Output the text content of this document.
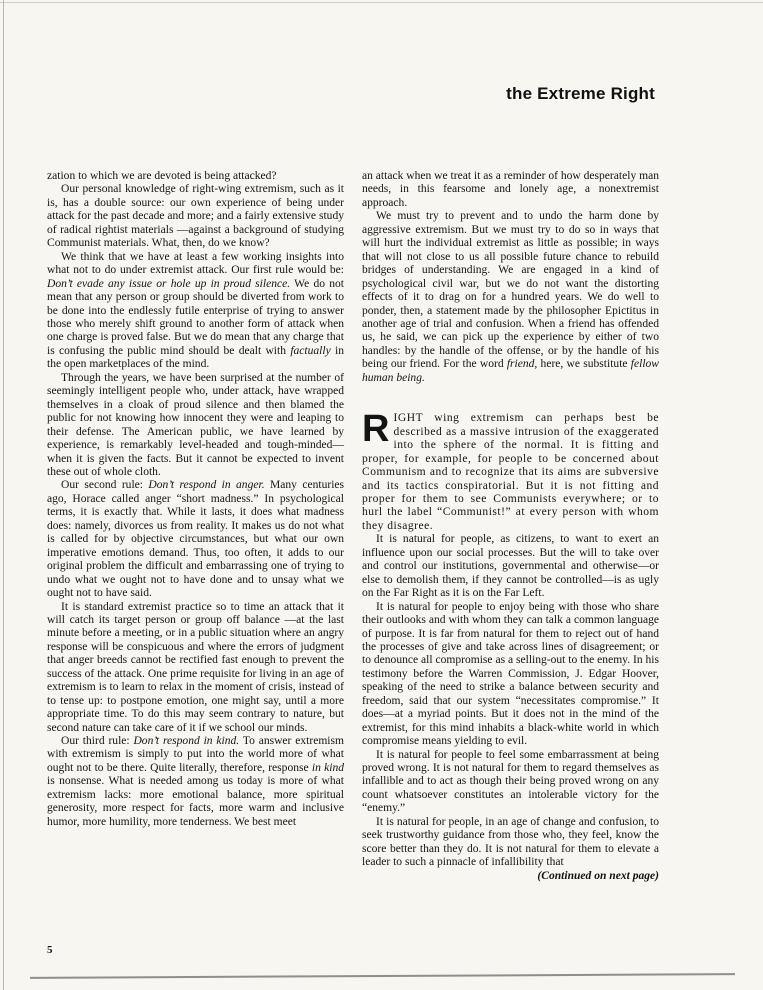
the Extreme Right

zation to which we are devoted is being attacked?

Our personal knowledge of right-wing extremism, such as it is, has a double source: our own experience of being under attack for the past decade and more; and a fairly extensive study of radical rightist materials —against a background of studying Communist materials. What, then, do we know?

We think that we have at least a few working insights into what not to do under extremist attack. Our first rule would be: Don’t evade any issue or hole up in proud silence. We do not mean that any person or group should be diverted from work to be done into the endlessly futile enterprise of trying to answer those who merely shift ground to another form of attack when one charge is proved false. But we do mean that any charge that is confusing the public mind should be dealt with factually in the open marketplaces of the mind.

Through the years, we have been surprised at the number of seemingly intelligent people who, under attack, have wrapped themselves in a cloak of proud silence and then blamed the public for not knowing how innocent they were and leaping to their defense. The American public, we have learned by experience, is remarkably level-headed and tough-minded—when it is given the facts. But it cannot be expected to invent these out of whole cloth.

Our second rule: Don’t respond in anger. Many centuries ago, Horace called anger “short madness.” In psychological terms, it is exactly that. While it lasts, it does what madness does: namely, divorces us from reality. It makes us do not what is called for by objective circumstances, but what our own imperative emotions demand. Thus, too often, it adds to our original problem the difficult and embarrassing one of trying to undo what we ought not to have done and to unsay what we ought not to have said.

It is standard extremist practice so to time an attack that it will catch its target person or group off balance —at the last minute before a meeting, or in a public situation where an angry response will be conspicuous and where the errors of judgment that anger breeds cannot be rectified fast enough to prevent the success of the attack. One prime requisite for living in an age of extremism is to learn to relax in the moment of crisis, instead of to tense up: to postpone emotion, one might say, until a more appropriate time. To do this may seem contrary to nature, but second nature can take care of it if we school our minds.

Our third rule: Don’t respond in kind. To answer extremism with extremism is simply to put into the world more of what ought not to be there. Quite literally, therefore, response in kind is nonsense. What is needed among us today is more of what extremism lacks: more emotional balance, more spiritual generosity, more respect for facts, more warm and inclusive humor, more humility, more tenderness. We best meet

an attack when we treat it as a reminder of how desperately man needs, in this fearsome and lonely age, a nonextremist approach.

We must try to prevent and to undo the harm done by aggressive extremism. But we must try to do so in ways that will hurt the individual extremist as little as possible; in ways that will not close to us all possible future chance to rebuild bridges of understanding. We are engaged in a kind of psychological civil war, but we do not want the distorting effects of it to drag on for a hundred years. We do well to ponder, then, a statement made by the philosopher Epictitus in another age of trial and confusion. When a friend has offended us, he said, we can pick up the experience by either of two handles: by the handle of the offense, or by the handle of his being our friend. For the word friend, here, we substitute fellow human being.

RIGHT wing extremism can perhaps best be described as a massive intrusion of the exaggerated into the sphere of the normal. It is fitting and proper, for example, for people to be concerned about Communism and to recognize that its aims are subversive and its tactics conspiratorial. But it is not fitting and proper for them to see Communists everywhere; or to hurl the label “Communist!” at every person with whom they disagree.

It is natural for people, as citizens, to want to exert an influence upon our social processes. But the will to take over and control our institutions, governmental and otherwise—or else to demolish them, if they cannot be controlled—is as ugly on the Far Right as it is on the Far Left.

It is natural for people to enjoy being with those who share their outlooks and with whom they can talk a common language of purpose. It is far from natural for them to reject out of hand the processes of give and take across lines of disagreement; or to denounce all compromise as a selling-out to the enemy. In his testimony before the Warren Commission, J. Edgar Hoover, speaking of the need to strike a balance between security and freedom, said that our system “necessitates compromise.” It does—at a myriad points. But it does not in the mind of the extremist, for this mind inhabits a black-white world in which compromise means yielding to evil.

It is natural for people to feel some embarrassment at being proved wrong. It is not natural for them to regard themselves as infallible and to act as though their being proved wrong on any count whatsoever constitutes an intolerable victory for the “enemy.”

It is natural for people, in an age of change and confusion, to seek trustworthy guidance from those who, they feel, know the score better than they do. It is not natural for them to elevate a leader to such a pinnacle of infallibility that
(Continued on next page)

5
